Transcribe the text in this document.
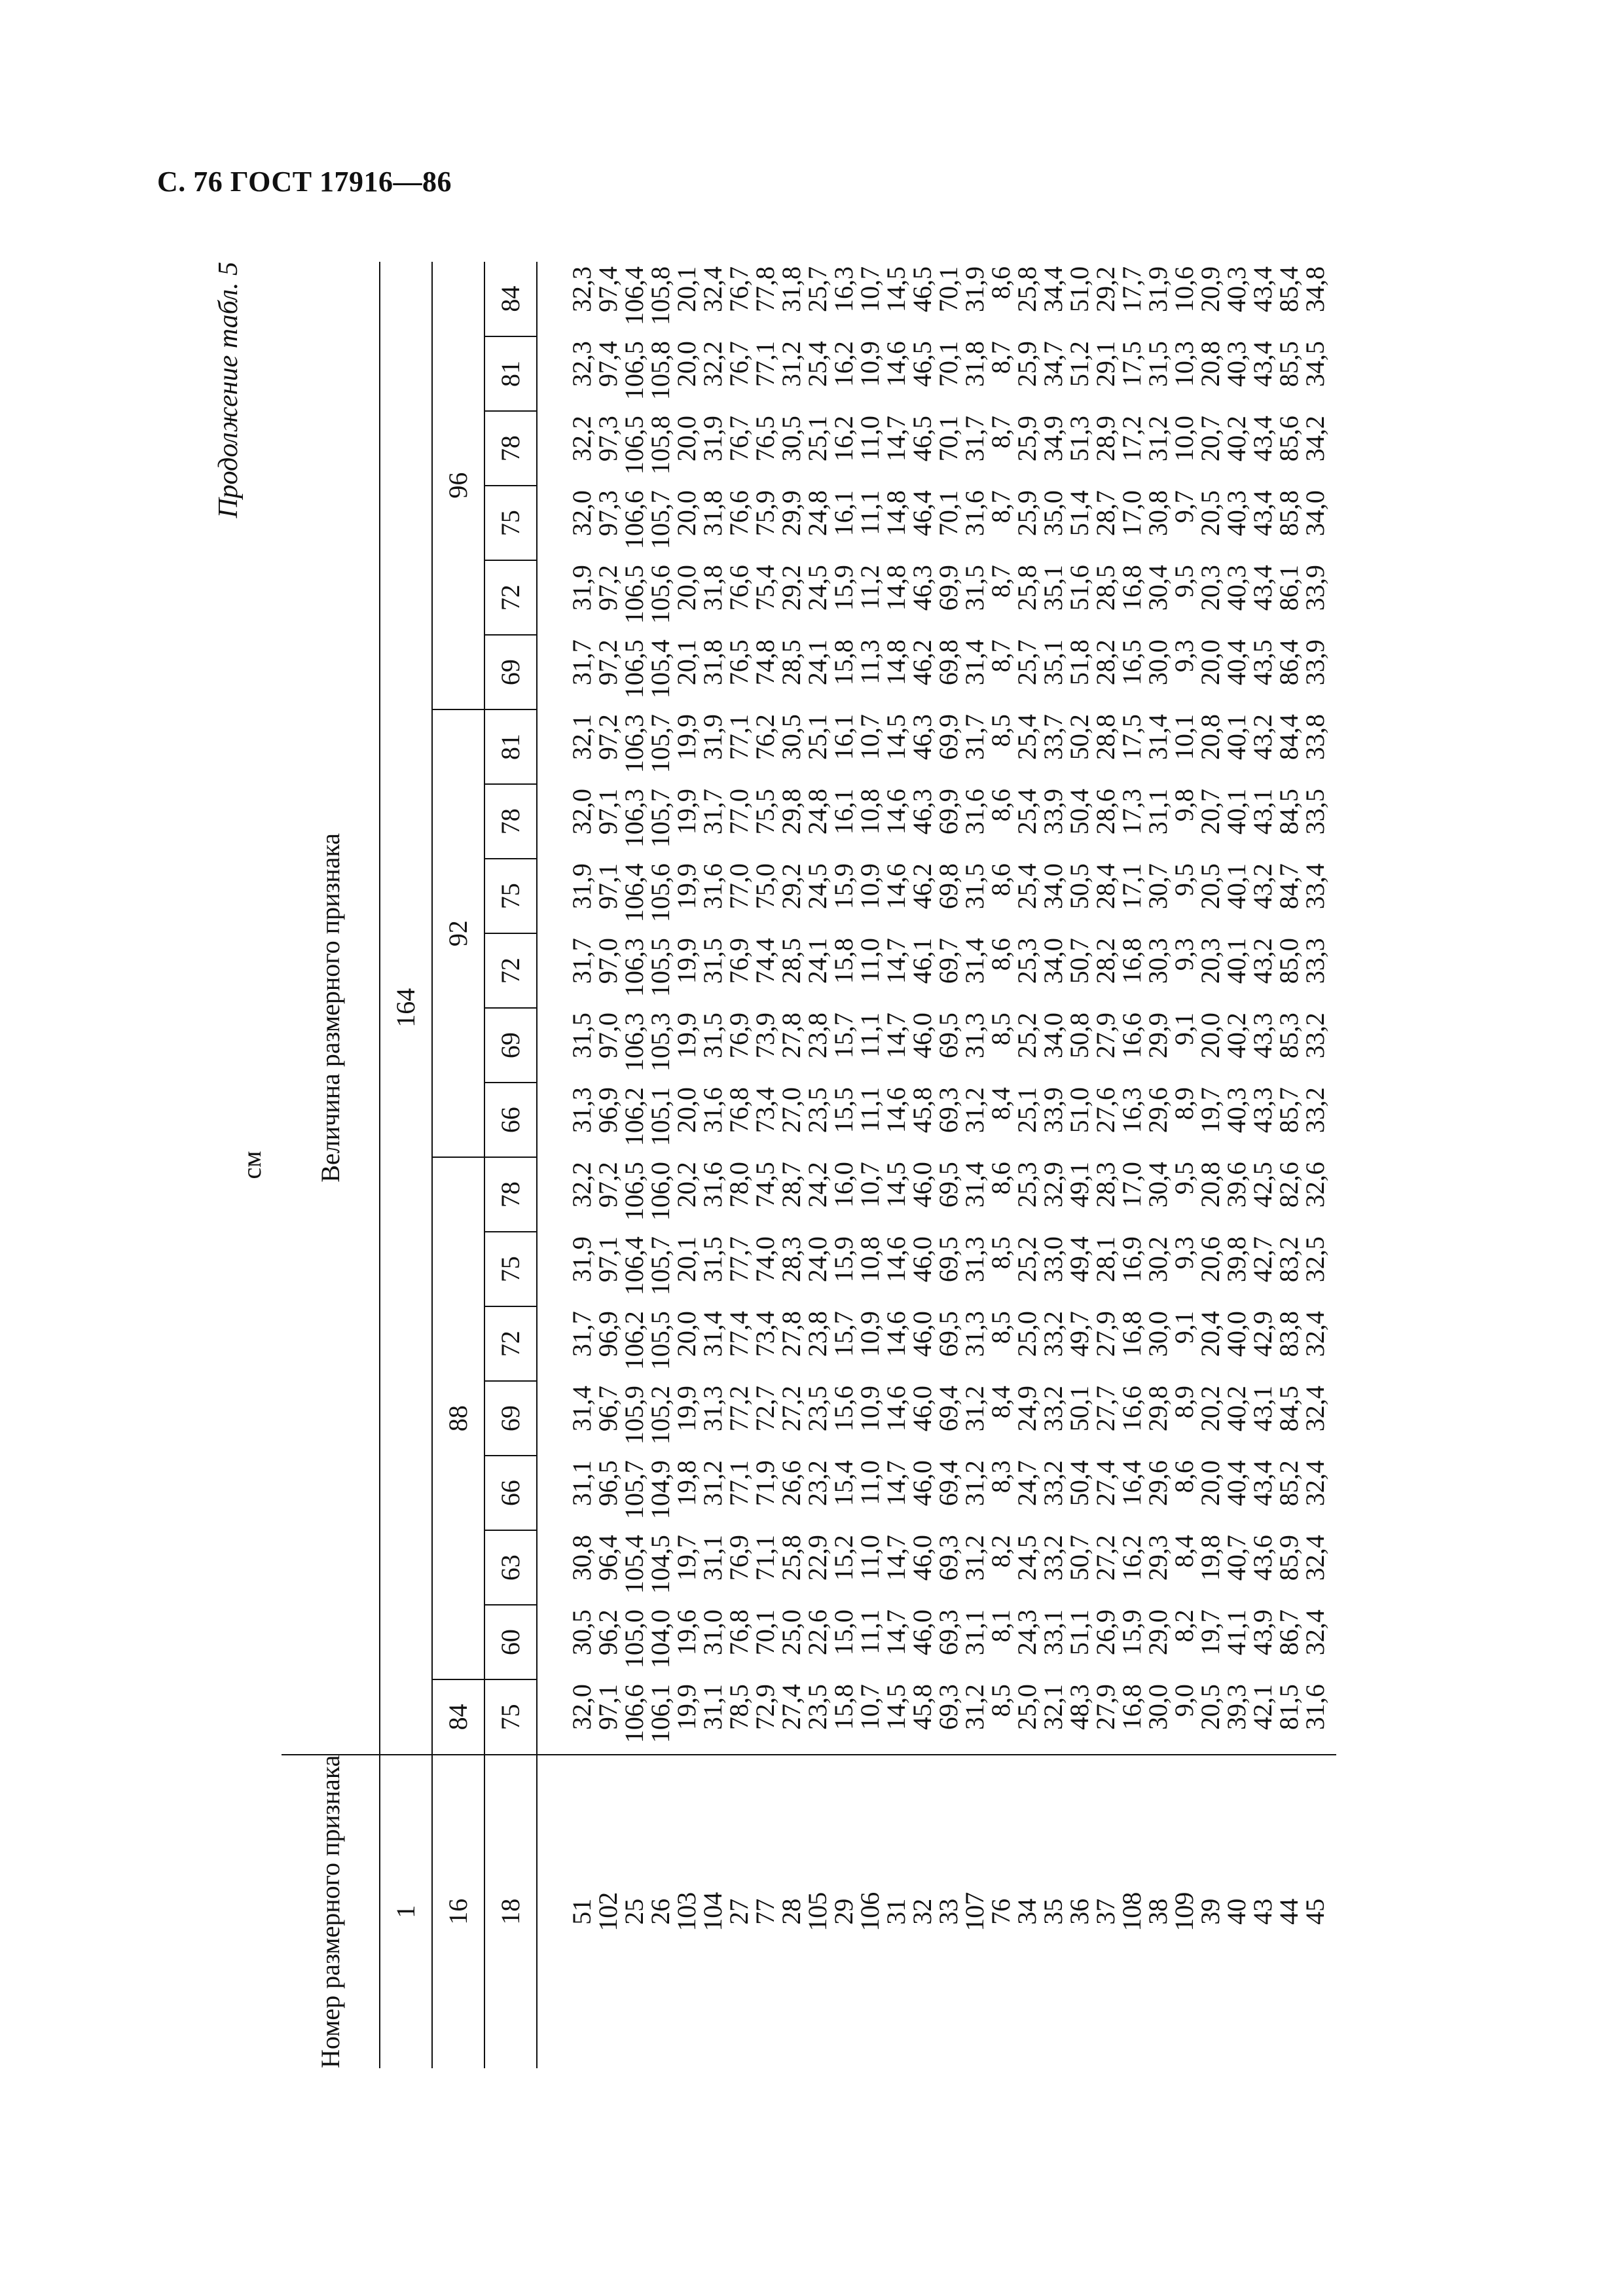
С. 76 ГОСТ 17916—86
Продолжение табл. 5
см
Номер размерного признака	Величина размерного признака																			
1	164																			
16	84	88							92						96					
18	75	60	63	66	69	72	75	78	66	69	72	75	78	81	69	72	75	78	81	84
51	32,0	30,5	30,8	31,1	31,4	31,7	31,9	32,2	31,3	31,5	31,7	31,9	32,0	32,1	31,7	31,9	32,0	32,2	32,3	32,3
102	97,1	96,2	96,4	96,5	96,7	96,9	97,1	97,2	96,9	97,0	97,0	97,1	97,1	97,2	97,2	97,2	97,3	97,3	97,4	97,4
25	106,6	105,0	105,4	105,7	105,9	106,2	106,4	106,5	106,2	106,3	106,3	106,4	106,3	106,3	106,5	106,5	106,6	106,5	106,5	106,4
26	106,1	104,0	104,5	104,9	105,2	105,5	105,7	106,0	105,1	105,3	105,5	105,6	105,7	105,7	105,4	105,6	105,7	105,8	105,8	105,8
103	19,9	19,6	19,7	19,8	19,9	20,0	20,1	20,2	20,0	19,9	19,9	19,9	19,9	19,9	20,1	20,0	20,0	20,0	20,0	20,1
104	31,1	31,0	31,1	31,2	31,3	31,4	31,5	31,6	31,6	31,5	31,5	31,6	31,7	31,9	31,8	31,8	31,8	31,9	32,2	32,4
27	78,5	76,8	76,9	77,1	77,2	77,4	77,7	78,0	76,8	76,9	76,9	77,0	77,0	77,1	76,5	76,6	76,6	76,7	76,7	76,7
77	72,9	70,1	71,1	71,9	72,7	73,4	74,0	74,5	73,4	73,9	74,4	75,0	75,5	76,2	74,8	75,4	75,9	76,5	77,1	77,8
28	27,4	25,0	25,8	26,6	27,2	27,8	28,3	28,7	27,0	27,8	28,5	29,2	29,8	30,5	28,5	29,2	29,9	30,5	31,2	31,8
105	23,5	22,6	22,9	23,2	23,5	23,8	24,0	24,2	23,5	23,8	24,1	24,5	24,8	25,1	24,1	24,5	24,8	25,1	25,4	25,7
29	15,8	15,0	15,2	15,4	15,6	15,7	15,9	16,0	15,5	15,7	15,8	15,9	16,1	16,1	15,8	15,9	16,1	16,2	16,2	16,3
106	10,7	11,1	11,0	11,0	10,9	10,9	10,8	10,7	11,1	11,1	11,0	10,9	10,8	10,7	11,3	11,2	11,1	11,0	10,9	10,7
31	14,5	14,7	14,7	14,7	14,6	14,6	14,6	14,5	14,6	14,7	14,7	14,6	14,6	14,5	14,8	14,8	14,8	14,7	14,6	14,5
32	45,8	46,0	46,0	46,0	46,0	46,0	46,0	46,0	45,8	46,0	46,1	46,2	46,3	46,3	46,2	46,3	46,4	46,5	46,5	46,5
33	69,3	69,3	69,3	69,4	69,4	69,5	69,5	69,5	69,3	69,5	69,7	69,8	69,9	69,9	69,8	69,9	70,1	70,1	70,1	70,1
107	31,2	31,1	31,2	31,2	31,2	31,3	31,3	31,4	31,2	31,3	31,4	31,5	31,6	31,7	31,4	31,5	31,6	31,7	31,8	31,9
76	8,5	8,1	8,2	8,3	8,4	8,5	8,5	8,6	8,4	8,5	8,6	8,6	8,6	8,5	8,7	8,7	8,7	8,7	8,7	8,6
34	25,0	24,3	24,5	24,7	24,9	25,0	25,2	25,3	25,1	25,2	25,3	25,4	25,4	25,4	25,7	25,8	25,9	25,9	25,9	25,8
35	32,1	33,1	33,2	33,2	33,2	33,2	33,0	32,9	33,9	34,0	34,0	34,0	33,9	33,7	35,1	35,1	35,0	34,9	34,7	34,4
36	48,3	51,1	50,7	50,4	50,1	49,7	49,4	49,1	51,0	50,8	50,7	50,5	50,4	50,2	51,8	51,6	51,4	51,3	51,2	51,0
37	27,9	26,9	27,2	27,4	27,7	27,9	28,1	28,3	27,6	27,9	28,2	28,4	28,6	28,8	28,2	28,5	28,7	28,9	29,1	29,2
108	16,8	15,9	16,2	16,4	16,6	16,8	16,9	17,0	16,3	16,6	16,8	17,1	17,3	17,5	16,5	16,8	17,0	17,2	17,5	17,7
38	30,0	29,0	29,3	29,6	29,8	30,0	30,2	30,4	29,6	29,9	30,3	30,7	31,1	31,4	30,0	30,4	30,8	31,2	31,5	31,9
109	9,0	8,2	8,4	8,6	8,9	9,1	9,3	9,5	8,9	9,1	9,3	9,5	9,8	10,1	9,3	9,5	9,7	10,0	10,3	10,6
39	20,5	19,7	19,8	20,0	20,2	20,4	20,6	20,8	19,7	20,0	20,3	20,5	20,7	20,8	20,0	20,3	20,5	20,7	20,8	20,9
40	39,3	41,1	40,7	40,4	40,2	40,0	39,8	39,6	40,3	40,2	40,1	40,1	40,1	40,1	40,4	40,3	40,3	40,2	40,3	40,3
43	42,1	43,9	43,6	43,4	43,1	42,9	42,7	42,5	43,3	43,3	43,2	43,2	43,1	43,2	43,5	43,4	43,4	43,4	43,4	43,4
44	81,5	86,7	85,9	85,2	84,5	83,8	83,2	82,6	85,7	85,3	85,0	84,7	84,5	84,4	86,4	86,1	85,8	85,6	85,5	85,4
45	31,6	32,4	32,4	32,4	32,4	32,4	32,5	32,6	33,2	33,2	33,3	33,4	33,5	33,8	33,9	33,9	34,0	34,2	34,5	34,8
